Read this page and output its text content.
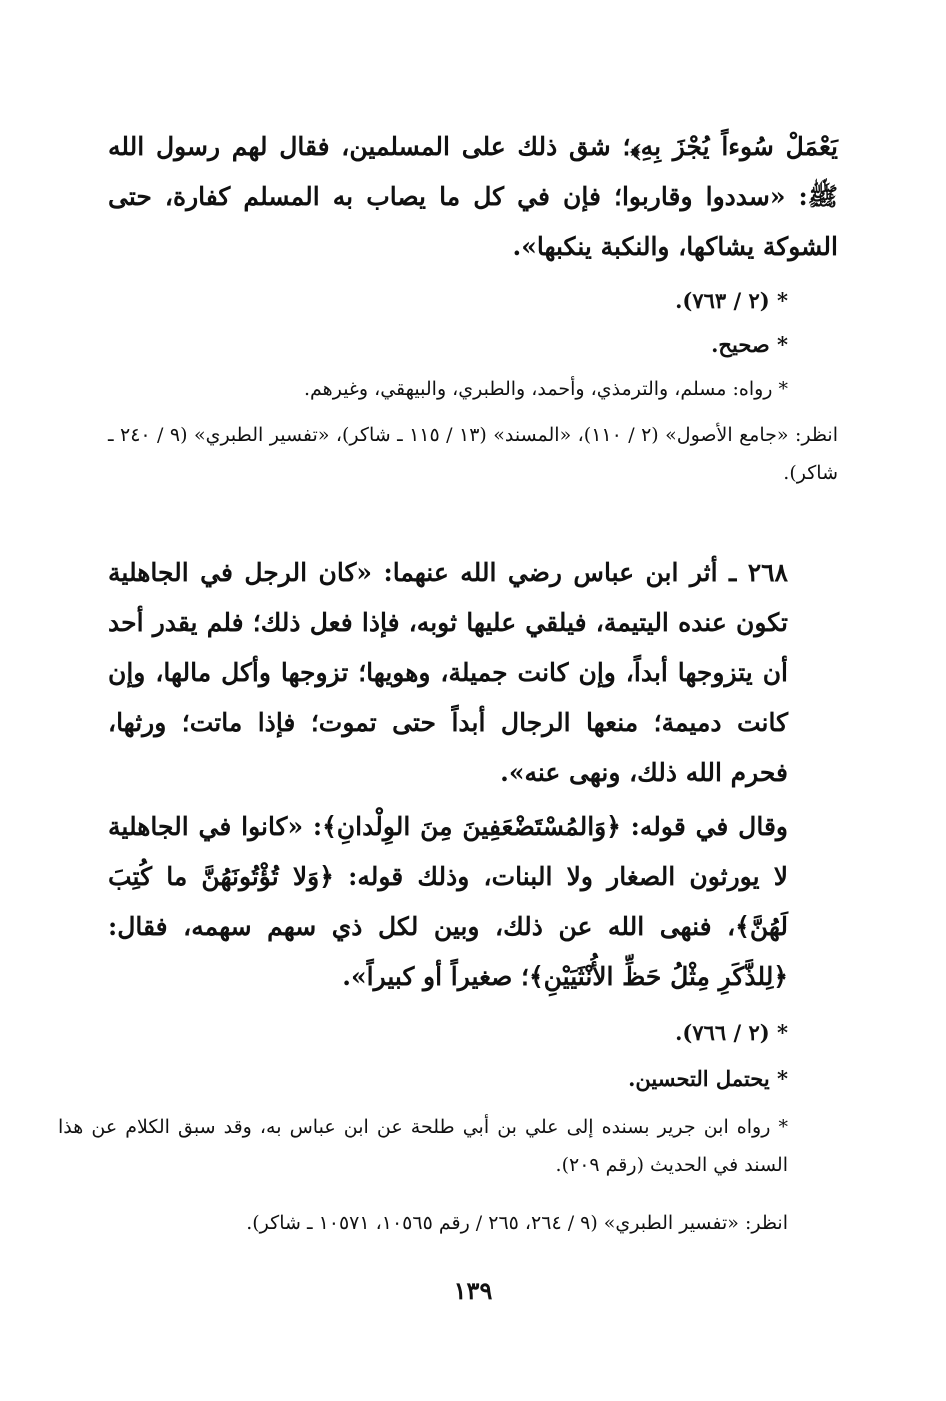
يَعْمَلْ سُوءاً يُجْزَ بِهِ﴾؛ شق ذلك على المسلمين، فقال لهم رسول الله ﷺ: «سددوا وقاربوا؛ فإن في كل ما يصاب به المسلم كفارة، حتى الشوكة يشاكها، والنكبة ينكبها».
* (٢ / ٧٦٣).
* صحيح.
* رواه: مسلم، والترمذي، وأحمد، والطبري، والبيهقي، وغيرهم.
انظر: «جامع الأصول» (٢ / ١١٠)، «المسند» (١٣ / ١١٥ ـ شاكر)، «تفسير الطبري» (٩ / ٢٤٠ ـ شاكر).
٢٦٨ ـ أثر ابن عباس رضي الله عنهما: «كان الرجل في الجاهلية تكون عنده اليتيمة، فيلقي عليها ثوبه، فإذا فعل ذلك؛ فلم يقدر أحد أن يتزوجها أبداً، وإن كانت جميلة، وهويها؛ تزوجها وأكل مالها، وإن كانت دميمة؛ منعها الرجال أبداً حتى تموت؛ فإذا ماتت؛ ورثها، فحرم الله ذلك، ونهى عنه».
وقال في قوله: ﴿وَالمُسْتَضْعَفِينَ مِنَ الوِلْدانِ﴾: «كانوا في الجاهلية لا يورثون الصغار ولا البنات، وذلك قوله: ﴿وَلا تُؤْتُونَهُنَّ ما كُتِبَ لَهُنَّ﴾، فنهى الله عن ذلك، وبين لكل ذي سهم سهمه، فقال: ﴿لِلذَّكَرِ مِثْلُ حَظِّ الأُنْثَيَيْنِ﴾؛ صغيراً أو كبيراً».
* (٢ / ٧٦٦).
* يحتمل التحسين.
* رواه ابن جرير بسنده إلى علي بن أبي طلحة عن ابن عباس به، وقد سبق الكلام عن هذا السند في الحديث (رقم ٢٠٩).
انظر: «تفسير الطبري» (٩ / ٢٦٤، ٢٦٥ / رقم ١٠٥٦٥، ١٠٥٧١ ـ شاكر).
١٣٩
